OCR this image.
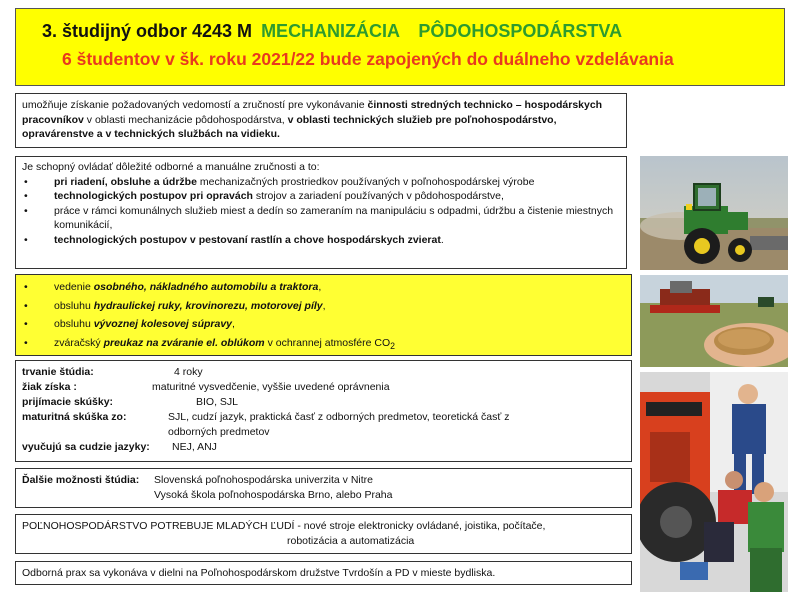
3. študijný odbor 4243 M MECHANIZÁCIA PÔDOHOSPODÁRSTVA
6 študentov v šk. roku 2021/22 bude zapojených do duálneho vzdelávania
umožňuje získanie požadovaných vedomostí a zručností pre vykonávanie činnosti stredných technicko – hospodárskych pracovníkov v oblasti mechanizácie pôdohospodárstva, v oblasti technických služieb pre poľnohospodárstvo, opravárenstve a v technických službách na vidieku.
Je schopný ovládať dôležité odborné a manuálne zručnosti a to:
•	pri riadení, obsluhe a údržbe mechanizačných prostriedkov používaných v poľnohospodárskej výrobe
•	technologických postupov pri opravách strojov a zariadení používaných v pôdohospodárstve,
•	práce v rámci komunálnych služieb miest a dedín so zameraním na manipuláciu s odpadmi, údržbu a čistenie miestnych komunikácií,
•	technologických postupov v pestovaní rastlín a chove hospodárskych zvierat.
•	vedenie osobného, nákladného automobilu a traktora,
•	obsluhu hydraulickej ruky, krovinorezu, motorovej píly,
•	obsluhu vývoznej kolesovej súpravy,
•	zváračský preukaz na zváranie el. oblúkom v ochrannej atmosfére $CO_2$
trvanie štúdia:	4 roky
žiak získa :	maturitné vysvedčenie, vyššie uvedené oprávnenia
prijímacie skúšky:	BIO, SJL
maturitná skúška zo:	SJL, cudzí jazyk, praktická časť z odborných predmetov, teoretická časť z
odborných predmetov
vyučujú sa cudzie jazyky: NEJ, ANJ
Ďalšie možnosti štúdia: Slovenská poľnohospodárska univerzita v Nitre
Vysoká škola poľnohospodárska Brno, alebo Praha
POĽNOHOSPODÁRSTVO POTREBUJE MLADÝCH ĽUDÍ - nové stroje elektronicky ovládané, joistika, počítače,
robotizácia a automatizácia
Odborná prax sa vykonáva v dielni na Poľnohospodárskom družstve Tvrdošín a PD v mieste bydliska.
